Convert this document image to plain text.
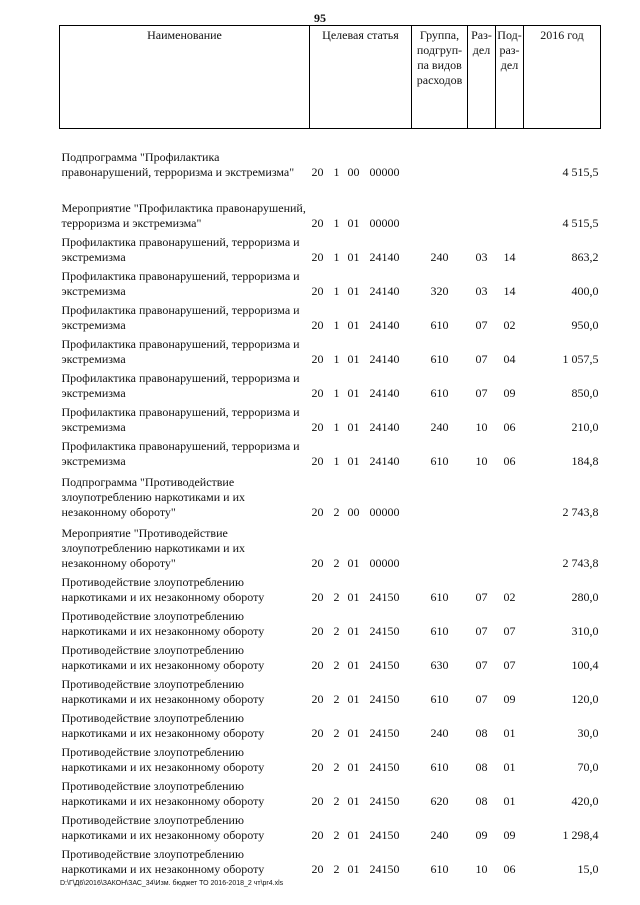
95
Наименование	Целевая статья	Группа, подгруп-па видов расходов	Раз-дел	Под-раз-дел	2016 год
Подпрограмма "Профилактика правонарушений, терроризма и экстремизма"	20 1 00 00000				4 515,5
Мероприятие "Профилактика правонарушений, терроризма и экстремизма"	20 1 01 00000				4 515,5
Профилактика правонарушений, терроризма и экстремизма	20 1 01 24140	240	03	14	863,2
Профилактика правонарушений, терроризма и экстремизма	20 1 01 24140	320	03	14	400,0
Профилактика правонарушений, терроризма и экстремизма	20 1 01 24140	610	07	02	950,0
Профилактика правонарушений, терроризма и экстремизма	20 1 01 24140	610	07	04	1 057,5
Профилактика правонарушений, терроризма и экстремизма	20 1 01 24140	610	07	09	850,0
Профилактика правонарушений, терроризма и экстремизма	20 1 01 24140	240	10	06	210,0
Профилактика правонарушений, терроризма и экстремизма	20 1 01 24140	610	10	06	184,8
Подпрограмма "Противодействие злоупотреблению наркотиками и их незаконному обороту"	20 2 00 00000				2 743,8
Мероприятие "Противодействие злоупотреблению наркотиками и их незаконному обороту"	20 2 01 00000				2 743,8
Противодействие злоупотреблению наркотиками и их незаконному обороту	20 2 01 24150	610	07	02	280,0
Противодействие злоупотреблению наркотиками и их незаконному обороту	20 2 01 24150	610	07	07	310,0
Противодействие злоупотреблению наркотиками и их незаконному обороту	20 2 01 24150	630	07	07	100,4
Противодействие злоупотреблению наркотиками и их незаконному обороту	20 2 01 24150	610	07	09	120,0
Противодействие злоупотреблению наркотиками и их незаконному обороту	20 2 01 24150	240	08	01	30,0
Противодействие злоупотреблению наркотиками и их незаконному обороту	20 2 01 24150	610	08	01	70,0
Противодействие злоупотреблению наркотиками и их незаконному обороту	20 2 01 24150	620	08	01	420,0
Противодействие злоупотреблению наркотиками и их незаконному обороту	20 2 01 24150	240	09	09	1 298,4
Противодействие злоупотреблению наркотиками и их незаконному обороту	20 2 01 24150	610	10	06	15,0
D:\Г\Д6\2016\ЗАКОН\ЗАС_34\Изм. бюджет ТО 2016-2018_2 чт\pr4.xls
